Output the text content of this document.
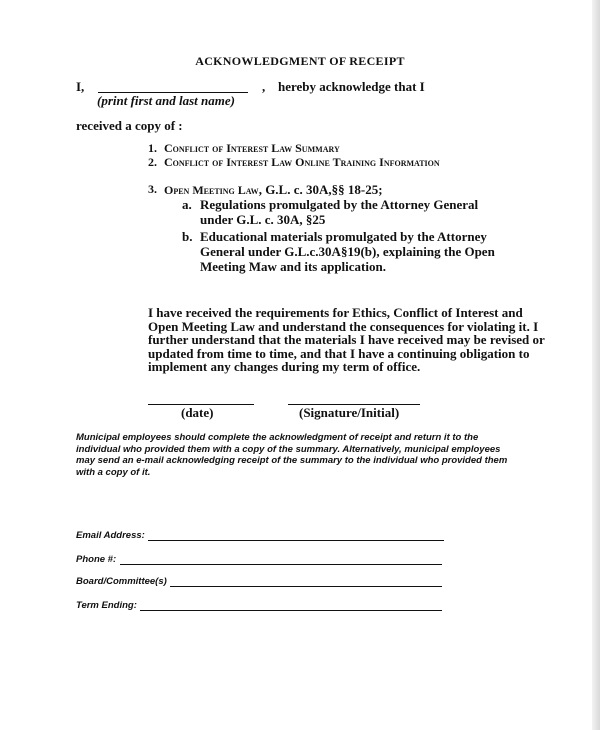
ACKNOWLEDGMENT OF RECEIPT
I,	, hereby acknowledge that I
(print first and last name)
received a copy of :
1. Conflict of Interest Law Summary
2. Conflict of Interest Law Online Training Information
3. Open Meeting Law, G.L. c. 30A,§§ 18-25;
a. Regulations promulgated by the Attorney General
under G.L. c. 30A, §25
b. Educational materials promulgated by the Attorney
General under G.L.c.30A§19(b), explaining the Open
Meeting Maw and its application.
I have received the requirements for Ethics, Conflict of Interest and Open Meeting Law and understand the consequences for violating it. I further understand that the materials I have received may be revised or updated from time to time, and that I have a continuing obligation to implement any changes during my term of office.
(date)	(Signature/Initial)
Municipal employees should complete the acknowledgment of receipt and return it to the individual who provided them with a copy of the summary. Alternatively, municipal employees may send an e-mail acknowledging receipt of the summary to the individual who provided them with a copy of it.
Email Address:
Phone #:
Board/Committee(s)
Term Ending:
